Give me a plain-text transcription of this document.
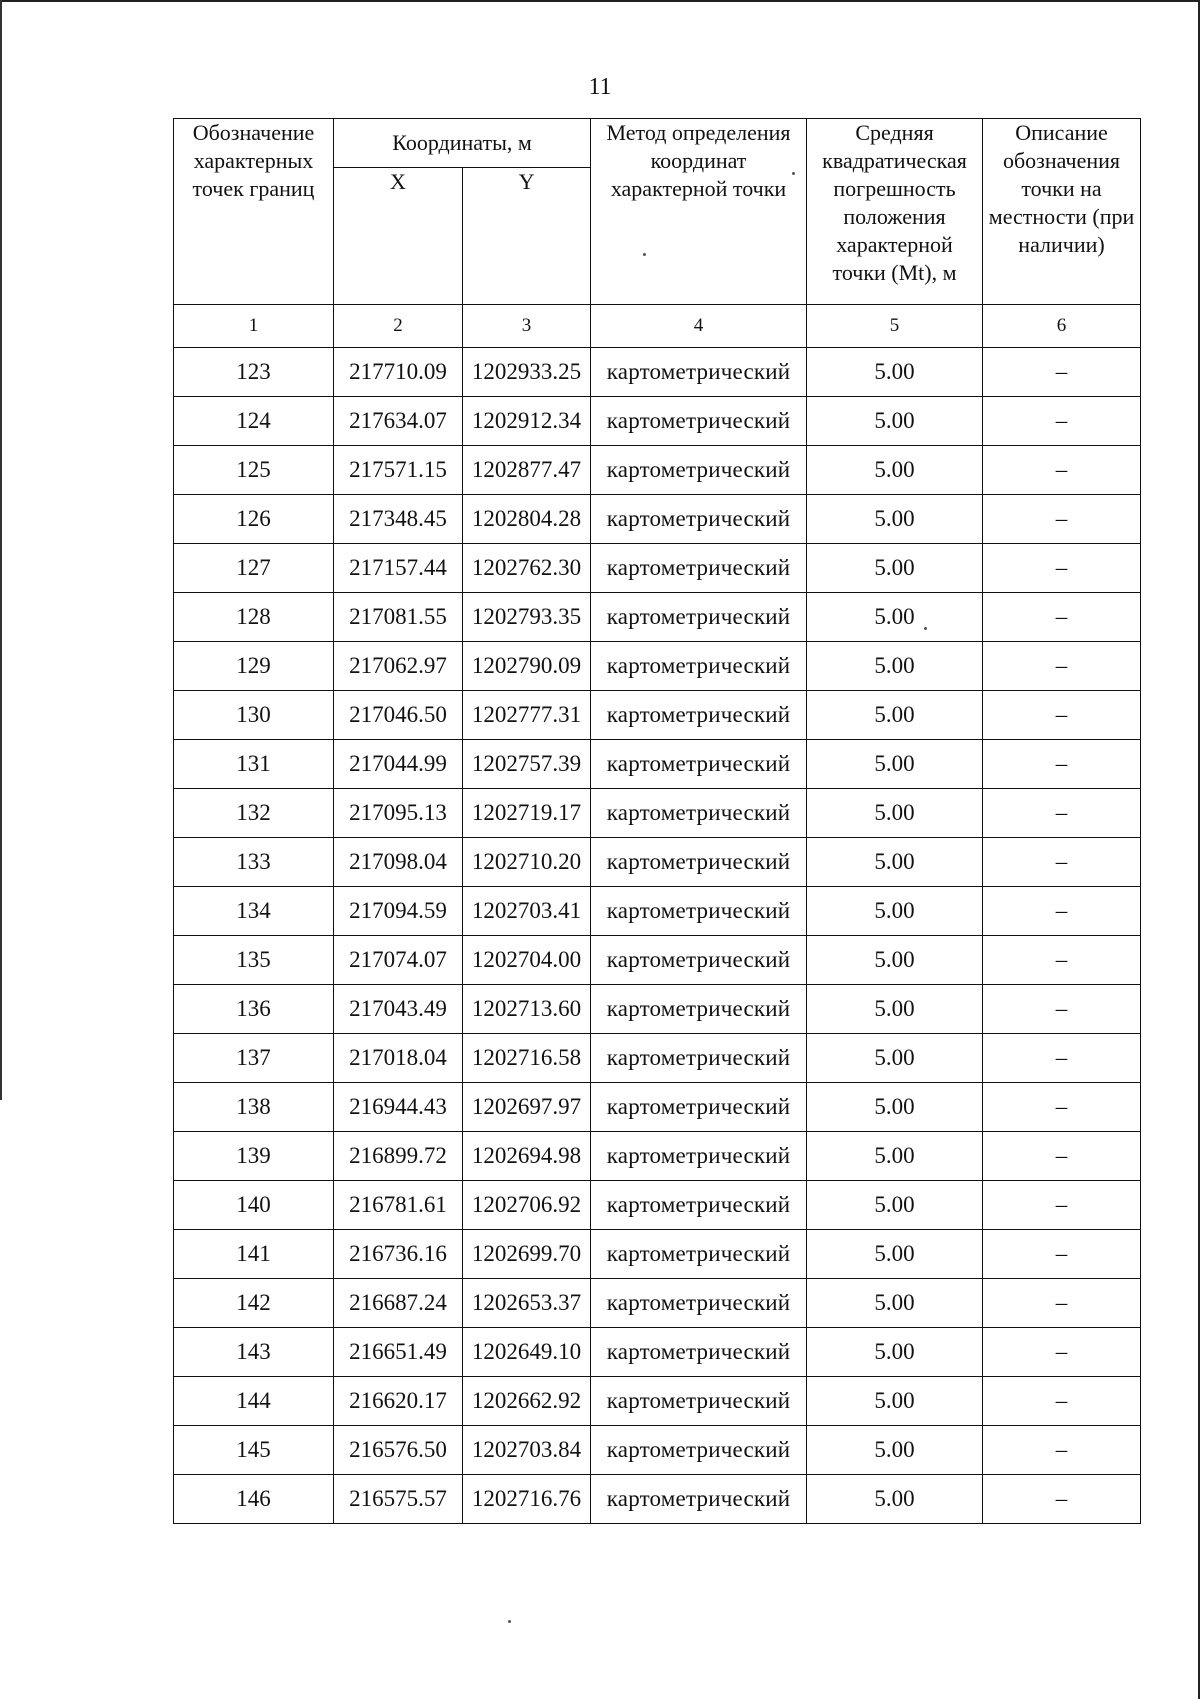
11
Обозначение характерных точек границ	Координаты, м		Метод определения координат характерной точки	Средняя квадратическая погрешность положения характерной точки (Mt), м	Описание обозначения точки на местности (при наличии)
	X	Y			
1	2	3	4	5	6
123	217710.09	1202933.25	картометрический	5.00	–
124	217634.07	1202912.34	картометрический	5.00	–
125	217571.15	1202877.47	картометрический	5.00	–
126	217348.45	1202804.28	картометрический	5.00	–
127	217157.44	1202762.30	картометрический	5.00	–
128	217081.55	1202793.35	картометрический	5.00	–
129	217062.97	1202790.09	картометрический	5.00	–
130	217046.50	1202777.31	картометрический	5.00	–
131	217044.99	1202757.39	картометрический	5.00	–
132	217095.13	1202719.17	картометрический	5.00	–
133	217098.04	1202710.20	картометрический	5.00	–
134	217094.59	1202703.41	картометрический	5.00	–
135	217074.07	1202704.00	картометрический	5.00	–
136	217043.49	1202713.60	картометрический	5.00	–
137	217018.04	1202716.58	картометрический	5.00	–
138	216944.43	1202697.97	картометрический	5.00	–
139	216899.72	1202694.98	картометрический	5.00	–
140	216781.61	1202706.92	картометрический	5.00	–
141	216736.16	1202699.70	картометрический	5.00	–
142	216687.24	1202653.37	картометрический	5.00	–
143	216651.49	1202649.10	картометрический	5.00	–
144	216620.17	1202662.92	картометрический	5.00	–
145	216576.50	1202703.84	картометрический	5.00	–
146	216575.57	1202716.76	картометрический	5.00	–
